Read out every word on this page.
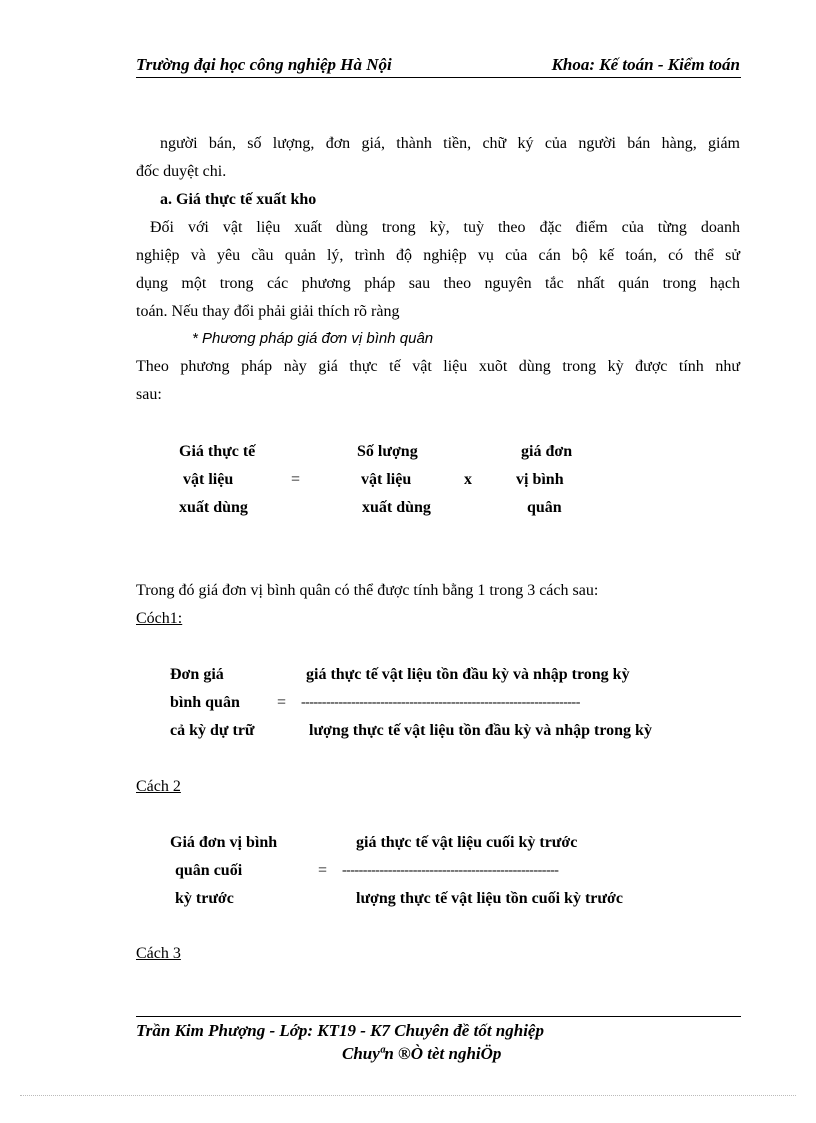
Trường đại học công nghiệp Hà Nội	Khoa: Kế toán - Kiểm toán
người bán, số lượng, đơn giá, thành tiền, chữ ký của người bán hàng, giám
đốc duyệt chi.
a. Giá thực tế xuất kho
Đối với vật liệu xuất dùng trong kỳ, tuỳ theo đặc điểm của từng doanh
nghiệp và yêu cầu quản lý, trình độ nghiệp vụ của cán bộ kế toán, có thể sử
dụng một trong các phương pháp sau theo nguyên tắc nhất quán trong hạch
toán. Nếu thay đổi phải giải thích rõ ràng
* Phương pháp giá đơn vị bình quân
Theo phương pháp này giá thực tế vật liệu xuõt dùng trong kỳ được tính như
sau:
Giá thực tế
vật liệu
xuất dùng
=
Số lượng
vật liệu
xuất dùng
x
giá đơn
vị bình
quân
Trong đó giá đơn vị bình quân có thể được tính bằng 1 trong 3 cách sau:
Cóch1:
Đơn giá
bình quân
cả kỳ dự trữ
=
giá thực tế vật liệu tồn đầu kỳ và nhập trong kỳ
-------------------------------------------------------------------
lượng thực tế vật liệu tồn đầu kỳ và nhập trong kỳ
Cách 2
Giá đơn vị bình
quân cuối
kỳ trước
=
giá thực tế vật liệu cuối kỳ trước
----------------------------------------------------
lượng thực tế vật liệu tồn cuối kỳ trước
Cách 3
Trần Kim Phượng - Lớp: KT19 - K7 Chuyên đề tốt nghiệp
Chuyªn ®Ò tèt nghiÖp
